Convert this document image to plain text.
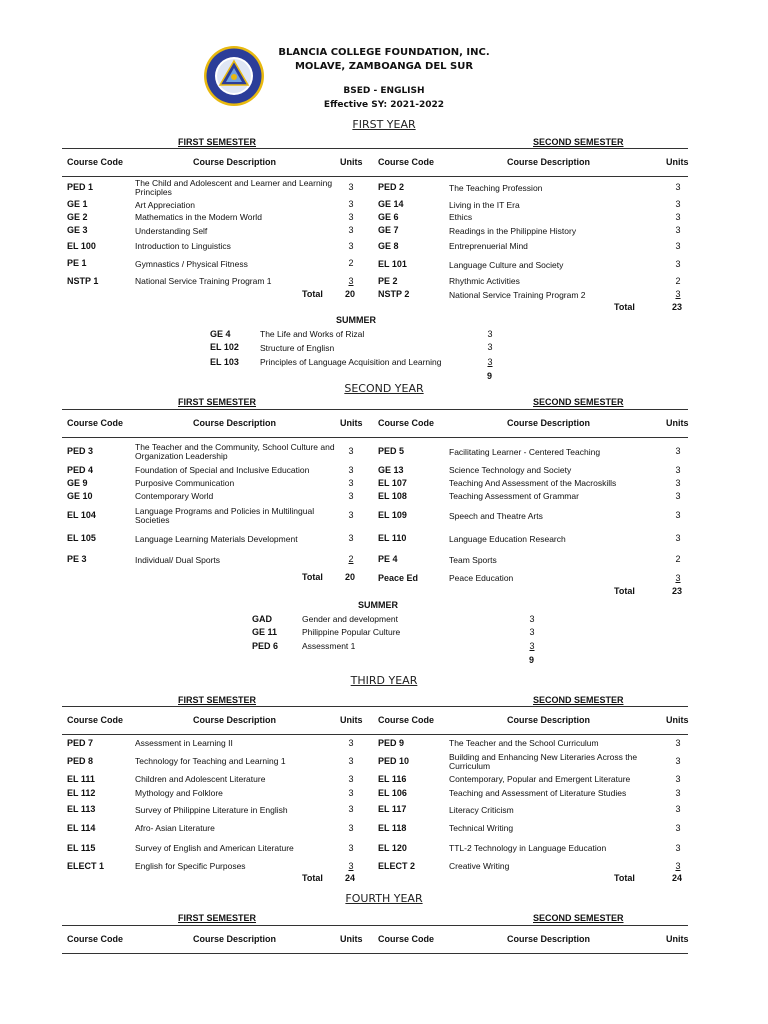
BLANCIA COLLEGE FOUNDATION, INC.
MOLAVE, ZAMBOANGA DEL SUR
BSED - ENGLISH
Effective SY: 2021-2022
FIRST YEAR
FIRST SEMESTER	SECOND SEMESTER
Course Code	Course Description	Units Course Code	Course Description	Units
PED 1	The Child and Adolescent and Learner and Learning Principles	3
GE 1	Art Appreciation	3
GE 2	Mathematics in the Modern World	3
GE 3	Understanding Self	3
EL 100	Introduction to Linguistics	3
PE 1	Gymnastics / Physical Fitness	2
NSTP 1	National Service Training Program 1	3
PED 2	The Teaching Profession	3
GE 14	Living in the IT Era	3
GE 6	Ethics	3
GE 7	Readings in the Philippine History	3
GE 8	Entreprenuerial Mind	3
EL 101	Language Culture and Society	3
PE 2	Rhythmic Activities	2
NSTP 2	National Service Training Program 2	3
Total 20
Total	23
SUMMER
GE 4	The Life and Works of Rizal	3
EL 102 Structure of Englisn	3
EL 103 Principles of Language Acquisition and Learning	3
9
SECOND YEAR
FIRST SEMESTER	SECOND SEMESTER
Course Code	Course Description	Units Course Code	Course Description	Units
PED 3	The Teacher and the Community, School Culture and Organization Leadership	3
PED 4	Foundation of Special and Inclusive Education	3
GE 9	Purposive Communication	3
GE 10	Contemporary World	3
EL 104	Language Programs and Policies in Multilingual Societies	3
EL 105	Language Learning Materials Development	3
PE 3	Individual/ Dual Sports	2
PED 5	Facilitating Learner - Centered Teaching	3
GE 13	Science Technology and Society	3
EL 107	Teaching And Assessment of the Macroskills	3
EL 108	Teaching Assessment of Grammar	3
EL 109	Speech and Theatre Arts	3
EL 110	Language Education Research	3
PE 4	Team Sports	2
Peace Ed	Peace Education	3
Total 20
Total	23
SUMMER
GAD	Gender and development	3
GE 11	Philippine Popular Culture	3
PED 6	Assessment 1	3
9
THIRD YEAR
FIRST SEMESTER	SECOND SEMESTER
Course Code	Course Description	Units Course Code	Course Description	Units
PED 7	Assessment in Learning II	3
PED 8	Technology for Teaching and Learning 1	3
EL 111	Children and Adolescent Literature	3
EL 112	Mythology and Folklore	3
EL 113	Survey of Philippine Literature in English	3
EL 114	Afro- Asian Literature	3
EL 115	Survey of English and American Literature	3
ELECT 1	English for Specific Purposes	3
PED 9	The Teacher and the School Curriculum	3
PED 10	Building and Enhancing New Literaries Across the Curriculum	3
EL 116	Contemporary, Popular and Emergent Literature	3
EL 106	Teaching and Assessment of Literature Studies	3
EL 117	Literacy Criticism	3
EL 118	Technical Writing	3
EL 120	TTL-2 Technology in Language Education	3
ELECT 2	Creative Writing	3
Total 24	Total	24
FOURTH YEAR
FIRST SEMESTER	SECOND SEMESTER
Course Code	Course Description	Units Course Code	Course Description	Units
